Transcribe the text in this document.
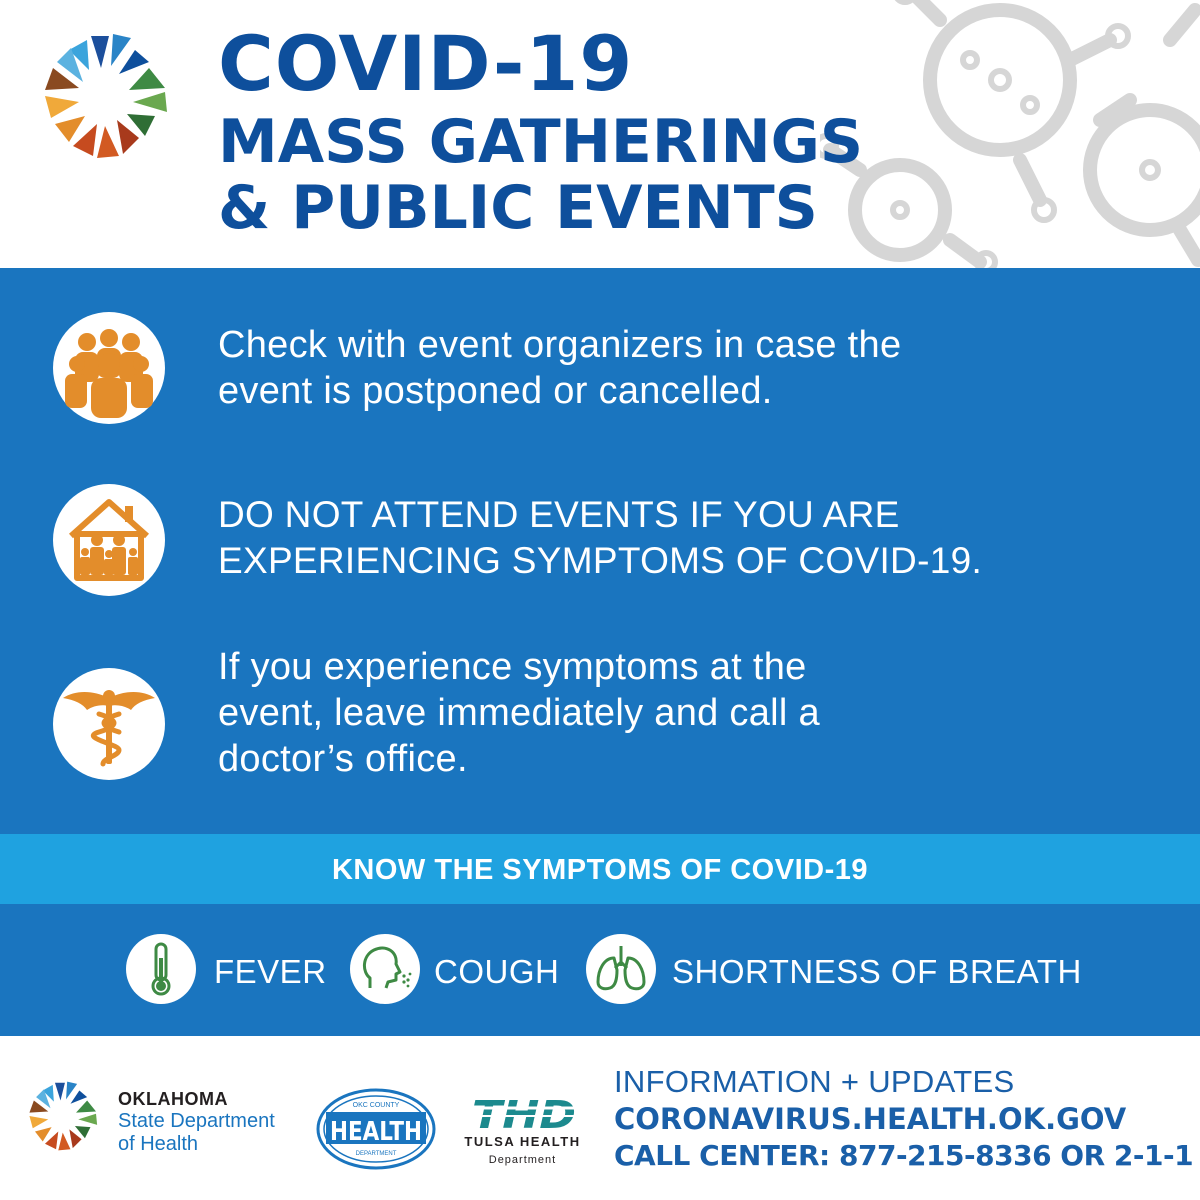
COVID-19
MASS GATHERINGS
& PUBLIC EVENTS
Check with event organizers in case the
event is postponed or cancelled.
DO NOT ATTEND EVENTS IF YOU ARE
EXPERIENCING SYMPTOMS OF COVID-19.
If you experience symptoms at the
event, leave immediately and call a
doctor’s office.
KNOW THE SYMPTOMS OF COVID-19
FEVER	COUGH	SHORTNESS OF BREATH
OKLAHOMA
State Department
of Health
OKC COUNTY
HEALTH
DEPARTMENT
THD
TULSA HEALTH
Department
INFORMATION + UPDATES
CORONAVIRUS.HEALTH.OK.GOV
CALL CENTER: 877-215-8336 OR 2-1-1
